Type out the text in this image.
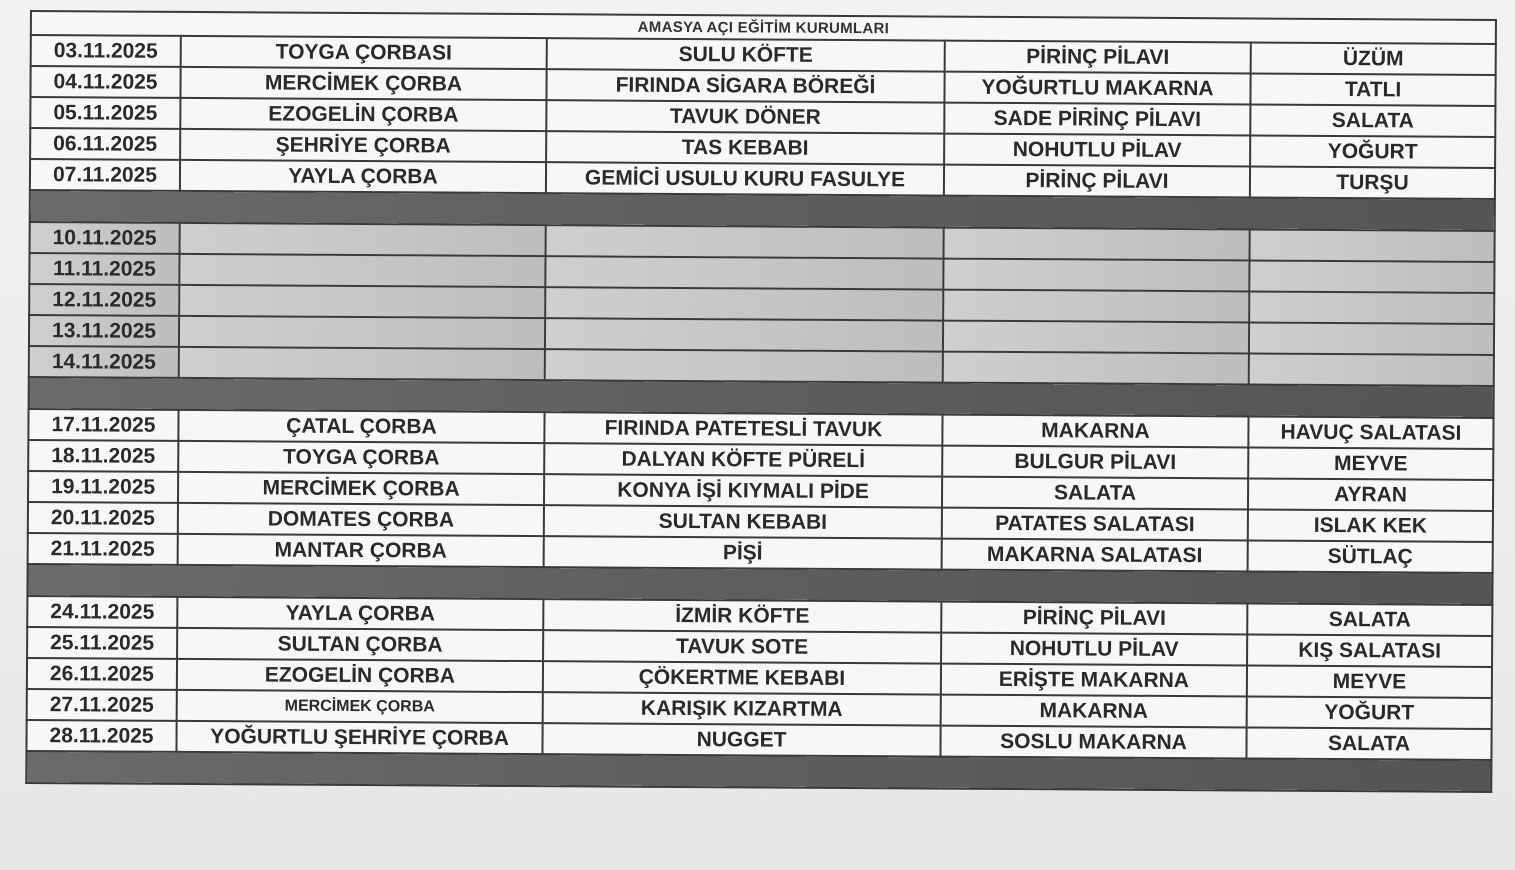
AMASYA AÇI EĞİTİM KURUMLARI				
03.11.2025	TOYGA ÇORBASI	SULU KÖFTE	PİRİNÇ PİLAVI	ÜZÜM
04.11.2025	MERCİMEK ÇORBA	FIRINDA SİGARA BÖREĞİ	YOĞURTLU MAKARNA	TATLI
05.11.2025	EZOGELİN ÇORBA	TAVUK DÖNER	SADE PİRİNÇ PİLAVI	SALATA
06.11.2025	ŞEHRİYE ÇORBA	TAS KEBABI	NOHUTLU PİLAV	YOĞURT
07.11.2025	YAYLA ÇORBA	GEMİCİ USULU KURU FASULYE	PİRİNÇ PİLAVI	TURŞU

10.11.2025				
11.11.2025				
12.11.2025				
13.11.2025				
14.11.2025				

17.11.2025	ÇATAL ÇORBA	FIRINDA PATETESLİ TAVUK	MAKARNA	HAVUÇ SALATASI
18.11.2025	TOYGA ÇORBA	DALYAN KÖFTE PÜRELİ	BULGUR PİLAVI	MEYVE
19.11.2025	MERCİMEK ÇORBA	KONYA İŞİ KIYMALI PİDE	SALATA	AYRAN
20.11.2025	DOMATES ÇORBA	SULTAN KEBABI	PATATES SALATASI	ISLAK KEK
21.11.2025	MANTAR ÇORBA	PİŞİ	MAKARNA SALATASI	SÜTLAÇ

24.11.2025	YAYLA ÇORBA	İZMİR KÖFTE	PİRİNÇ PİLAVI	SALATA
25.11.2025	SULTAN ÇORBA	TAVUK SOTE	NOHUTLU PİLAV	KIŞ SALATASI
26.11.2025	EZOGELİN ÇORBA	ÇÖKERTME KEBABI	ERİŞTE MAKARNA	MEYVE
27.11.2025	MERCİMEK ÇORBA	KARIŞIK KIZARTMA	MAKARNA	YOĞURT
28.11.2025	YOĞURTLU ŞEHRİYE ÇORBA	NUGGET	SOSLU MAKARNA	SALATA
